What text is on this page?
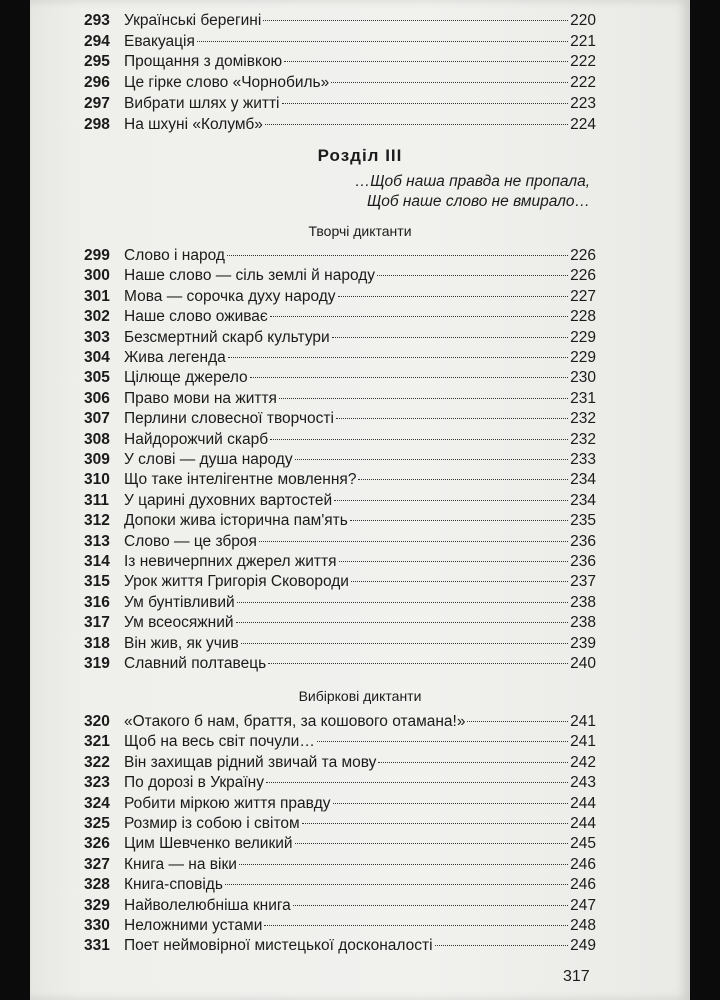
293 Українські берегині	220
294 Евакуація	221
295 Прощання з домівкою	222
296 Це гірке слово «Чорнобиль»	222
297 Вибрати шлях у житті	223
298 На шхуні «Колумб»	224
Розділ III
…Щоб наша правда не пропала,
Щоб наше слово не вмирало…
Творчі диктанти
299 Слово і народ	226
300 Наше слово — сіль землі й народу	226
301 Мова — сорочка духу народу	227
302 Наше слово оживає	228
303 Безсмертний скарб культури	229
304 Жива легенда	229
305 Цілюще джерело	230
306 Право мови на життя	231
307 Перлини словесної творчості	232
308 Найдорожчий скарб	232
309 У слові — душа народу	233
310 Що таке інтелігентне мовлення?	234
311 У царині духовних вартостей	234
312 Допоки жива історична пам'ять	235
313 Слово — це зброя	236
314 Із невичерпних джерел життя	236
315 Урок життя Григорія Сковороди	237
316 Ум бунтівливий	238
317 Ум всеосяжний	238
318 Він жив, як учив	239
319 Славний полтавець	240
Вибіркові диктанти
320 «Отакого б нам, браття, за кошового отамана!»	241
321 Щоб на весь світ почули…	241
322 Він захищав рідний звичай та мову	242
323 По дорозі в Україну	243
324 Робити міркою життя правду	244
325 Розмир із собою і світом	244
326 Цим Шевченко великий	245
327 Книга — на віки	246
328 Книга-сповідь	246
329 Найволелюбніша книга	247
330 Неложними устами	248
331 Поет неймовірної мистецької досконалості	249
317
